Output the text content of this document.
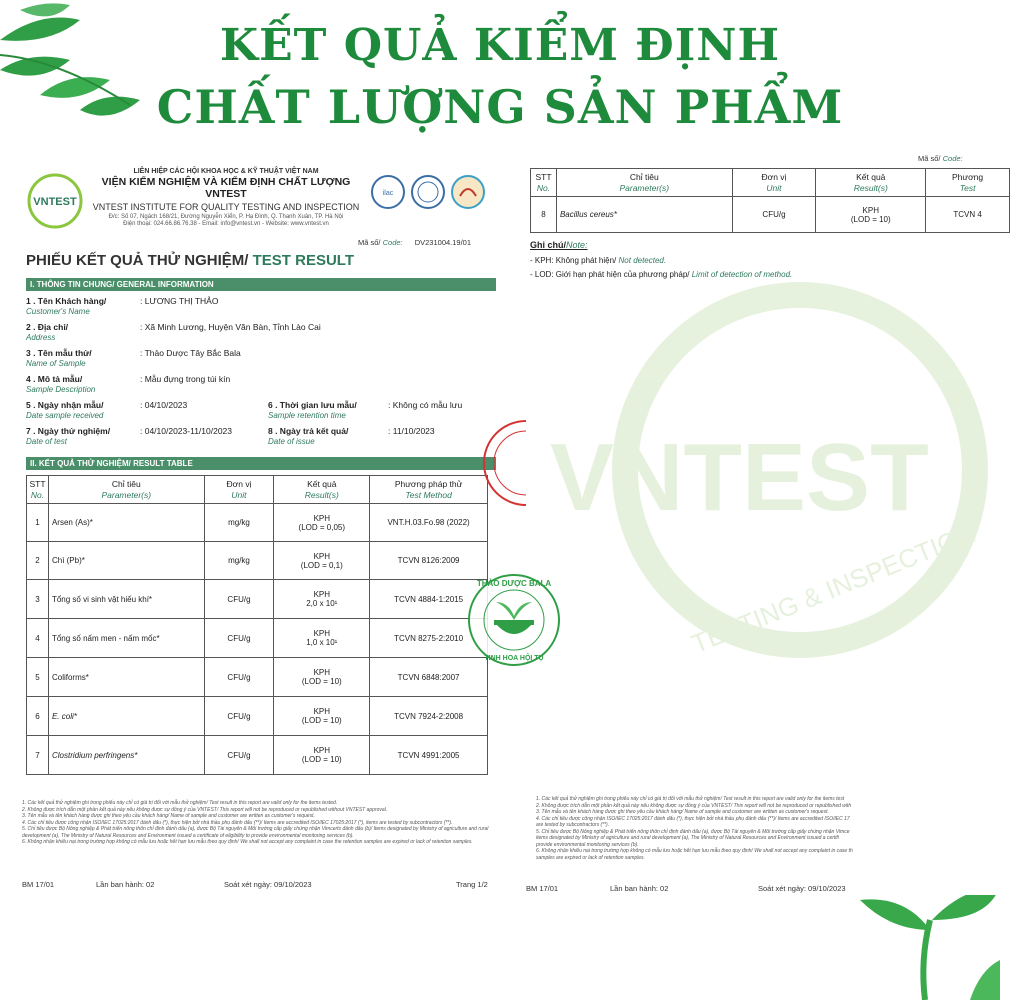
KẾT QUẢ KIỂM ĐỊNH
CHẤT LƯỢNG SẢN PHẨM
VNTEST
LIÊN HIỆP CÁC HỘI KHOA HỌC & KỸ THUẬT VIỆT NAM
VIỆN KIỂM NGHIỆM VÀ KIỂM ĐỊNH CHẤT LƯỢNG VNTEST
VNTEST INSTITUTE FOR QUALITY TESTING AND INSPECTION
Đ/c: Số 07, Ngách 168/21, Đường Nguyễn Xiển, P. Hạ Đình, Q. Thanh Xuân, TP. Hà Nội
Điện thoại: 024.66.86.76.38 - Email: info@vntest.vn - Website: www.vntest.vn
ilac
Mã số/ Code: DV231004.19/01
PHIẾU KẾT QUẢ THỬ NGHIỆM/ TEST RESULT
I. THÔNG TIN CHUNG/ GENERAL INFORMATION
1 . Tên Khách hàng/
Customer's Name
: LƯƠNG THỊ THẢO
2 . Địa chỉ/
Address
: Xã Minh Lương, Huyện Văn Bàn, Tỉnh Lào Cai
3 . Tên mẫu thử/
Name of Sample
: Thảo Dược Tây Bắc Bala
4 . Mô tả mẫu/
Sample Description
: Mẫu đựng trong túi kín
5 . Ngày nhận mẫu/
Date sample received
: 04/10/2023	6 . Thời gian lưu mẫu/
Sample retention time
: Không có mẫu lưu
7 . Ngày thử nghiệm/
Date of test
: 04/10/2023-11/10/2023	8 . Ngày trả kết quả/
Date of issue
: 11/10/2023
II. KẾT QUẢ THỬ NGHIỆM/ RESULT TABLE
STT
No.	Chỉ tiêu
Parameter(s)	Đơn vị
Unit	Kết quả
Result(s)	Phương pháp thử
Test Method

1	Arsen (As)*	mg/kg	KPH
(LOD = 0,05)	VNT.H.03.Fo.98 (2022)
2	Chì (Pb)*	mg/kg	KPH
(LOD = 0,1)	TCVN 8126:2009
3	Tổng số vi sinh vật hiếu khí*	CFU/g	KPH
2,0 x 10¹	TCVN 4884-1:2015
4	Tổng số nấm men - nấm mốc*	CFU/g	KPH
1,0 x 10¹	TCVN 8275-2:2010
5	Coliforms*	CFU/g	KPH
(LOD = 10)	TCVN 6848:2007
6	E. coli*	CFU/g	KPH
(LOD = 10)	TCVN 7924-2:2008
7	Clostridium perfringens*	CFU/g	KPH
(LOD = 10)	TCVN 4991:2005
1. Các kết quả thử nghiệm ghi trong phiếu này chỉ có giá trị đối với mẫu thử nghiệm/ Test result in this report are valid only for the items tested.
2. Không được trích dẫn một phần kết quả này nếu không được sự đồng ý của VNTEST/ This report will not be reproduced or republished without VNTEST approval.
3. Tên mẫu và tên khách hàng được ghi theo yêu cầu khách hàng/ Name of sample and customer are written as customer's request.
4. Các chỉ tiêu được công nhận ISO/IEC 17025:2017 đánh dấu (*), thực hiện bởi nhà thầu phụ đánh dấu (**)/ Items are accredited ISO/IEC 17025:2017 (*), items are tested by subcontractors (**).
5. Chỉ tiêu được Bộ Nông nghiệp & Phát triển nông thôn chỉ định đánh dấu (a), được Bộ Tài nguyên & Môi trường cấp giấy chứng nhận Vimcerts đánh dấu (b)/ Items designated by Ministry of agriculture and rural development (a), The Ministry of Natural Resources and Environment issued a certificate of eligibility to provide environmental monitoring services (b).
6. Không nhận khiếu nại trong trường hợp không có mẫu lưu hoặc hết hạn lưu mẫu theo quy định/ We shall not accept any complaint in case the retention samples are expired or lack of retention samples.
BM 17/01	Lần ban hành: 02	Soát xét ngày: 09/10/2023	Trang 1/2
Mã số/ Code:
STT
No.	Chỉ tiêu
Parameter(s)	Đơn vị
Unit	Kết quả
Result(s)	Phương
Test

8	Bacillus cereus*	CFU/g	KPH
(LOD = 10)	TCVN 4
Ghi chú/Note:
- KPH: Không phát hiện/ Not detected.
- LOD: Giới hạn phát hiện của phương pháp/ Limit of detection of method.
1. Các kết quả thử nghiệm ghi trong phiếu này chỉ có giá trị đối với mẫu thử nghiệm/ Test result in this report are valid only for the items test
2. Không được trích dẫn một phần kết quả này nếu không được sự đồng ý của VNTEST/ This report will not be reproduced or republished with
3. Tên mẫu và tên khách hàng được ghi theo yêu cầu khách hàng/ Name of sample and customer are written as customer's request.
4. Các chỉ tiêu được công nhận ISO/IEC 17025:2017 đánh dấu (*), thực hiện bởi nhà thầu phụ đánh dấu (**)/ Items are accredited ISO/IEC 17
are tested by subcontractors (**).
5. Chỉ tiêu được Bộ Nông nghiệp & Phát triển nông thôn chỉ định đánh dấu (a), được Bộ Tài nguyên & Môi trường cấp giấy chứng nhận Vimce
items designated by Ministry of agriculture and rural development (a), The Ministry of Natural Resources and Environment issued a certifi
provide environmental monitoring services (b).
6. Không nhận khiếu nại trong trường hợp không có mẫu lưu hoặc hết hạn lưu mẫu theo quy định/ We shall not accept any complaint in case th
samples are expired or lack of retention samples.
BM 17/01	Lần ban hành: 02	Soát xét ngày: 09/10/2023
VNTEST
TESTING & INSPECTION
THẢO DƯỢC BALA
TINH HOA HỘI TỤ
